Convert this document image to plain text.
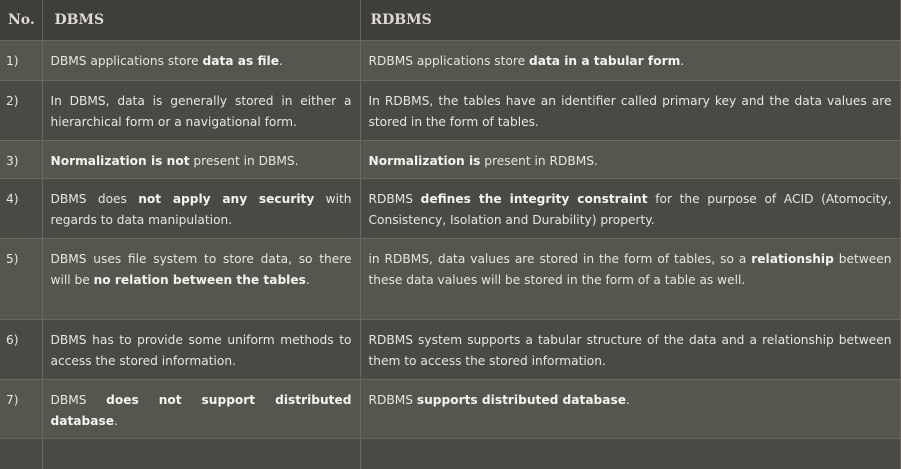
No.	DBMS	RDBMS
1)	DBMS applications store data as file.	RDBMS applications store data in a tabular form.
2)	In DBMS, data is generally stored in either a hierarchical form or a navigational form.	In RDBMS, the tables have an identifier called primary key and the data values are stored in the form of tables.
3)	Normalization is not present in DBMS.	Normalization is present in RDBMS.
4)	DBMS does not apply any security with regards to data manipulation.	RDBMS defines the integrity constraint for the purpose of ACID (Atomocity, Consistency, Isolation and Durability) property.
5)	DBMS uses file system to store data, so there will be no relation between the tables.	in RDBMS, data values are stored in the form of tables, so a relationship between these data values will be stored in the form of a table as well.
6)	DBMS has to provide some uniform methods to access the stored information.	RDBMS system supports a tabular structure of the data and a relationship between them to access the stored information.
7)	DBMS does not support distributed database.	RDBMS supports distributed database.
